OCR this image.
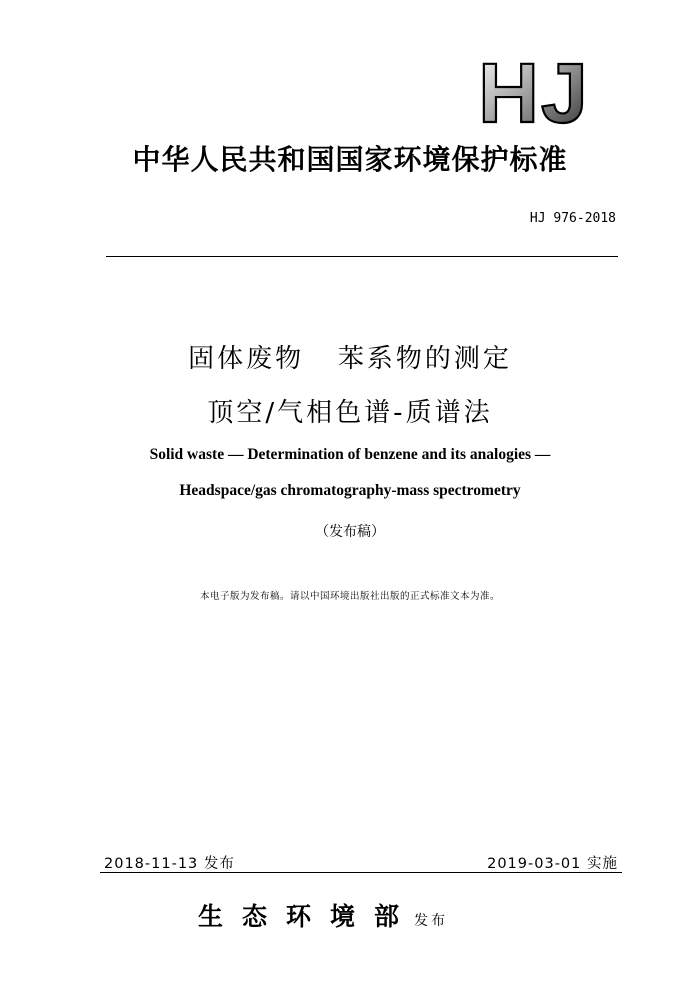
HJ
中华人民共和国国家环境保护标准
HJ 976-2018
固体废物   苯系物的测定
顶空/气相色谱-质谱法
Solid waste — Determination of benzene and its analogies —
Headspace/gas chromatography-mass spectrometry
（发布稿）
本电子版为发布稿。请以中国环境出版社出版的正式标准文本为准。
2018-11-13 发布	2019-03-01 实施
生态环境部发布
